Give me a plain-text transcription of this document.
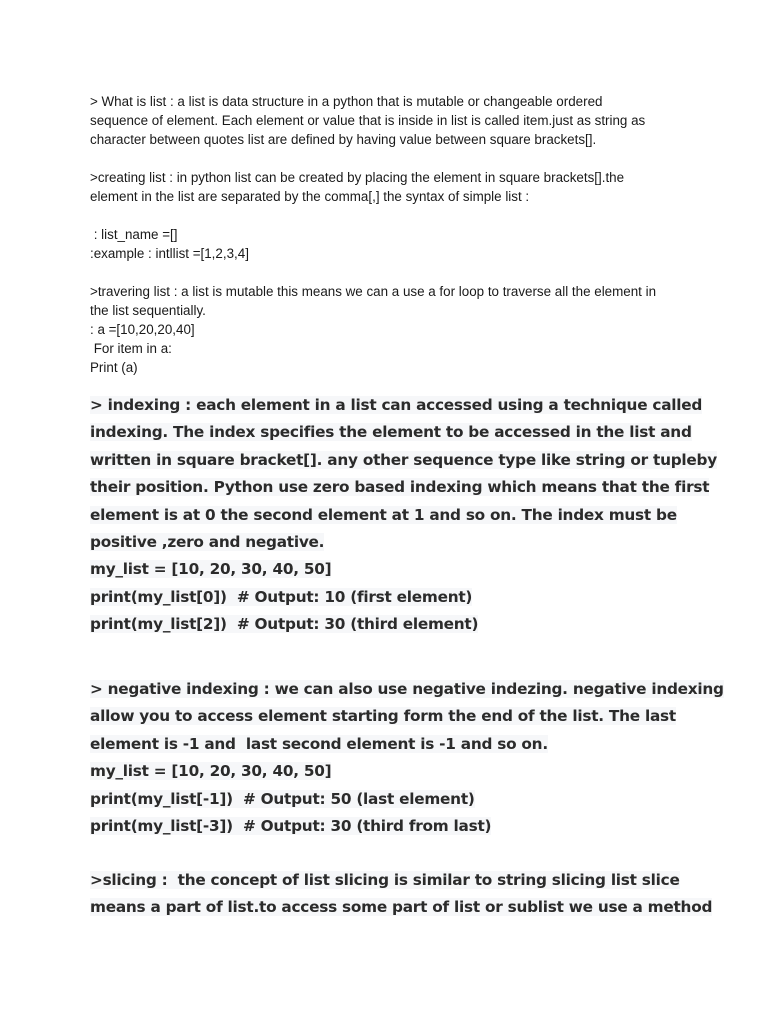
> What is list : a list is data structure in a python that is mutable or changeable ordered

sequence of element. Each element or value that is inside in list is called item.just as string as

character between quotes list are defined by having value between square brackets[].

>creating list : in python list can be created by placing the element in square brackets[].the

element in the list are separated by the comma[,] the syntax of simple list :

: list_name =[]

:example : intllist =[1,2,3,4]

>travering list : a list is mutable this means we can a use a for loop to traverse all the element in

the list sequentially.

: a =[10,20,20,40]

For item in a:

Print (a)

> indexing : each element in a list can accessed using a technique called

indexing. The index specifies the element to be accessed in the list and

written in square bracket[]. any other sequence type like string or tupleby

their position. Python use zero based indexing which means that the first

element is at 0 the second element at 1 and so on. The index must be

positive ,zero and negative.

my_list = [10, 20, 30, 40, 50]

print(my_list[0])  # Output: 10 (first element)

print(my_list[2])  # Output: 30 (third element)

> negative indexing : we can also use negative indezing. negative indexing

allow you to access element starting form the end of the list. The last

element is -1 and  last second element is -1 and so on.

my_list = [10, 20, 30, 40, 50]

print(my_list[-1])  # Output: 50 (last element)

print(my_list[-3])  # Output: 30 (third from last)

>slicing :  the concept of list slicing is similar to string slicing list slice

means a part of list.to access some part of list or sublist we use a method
